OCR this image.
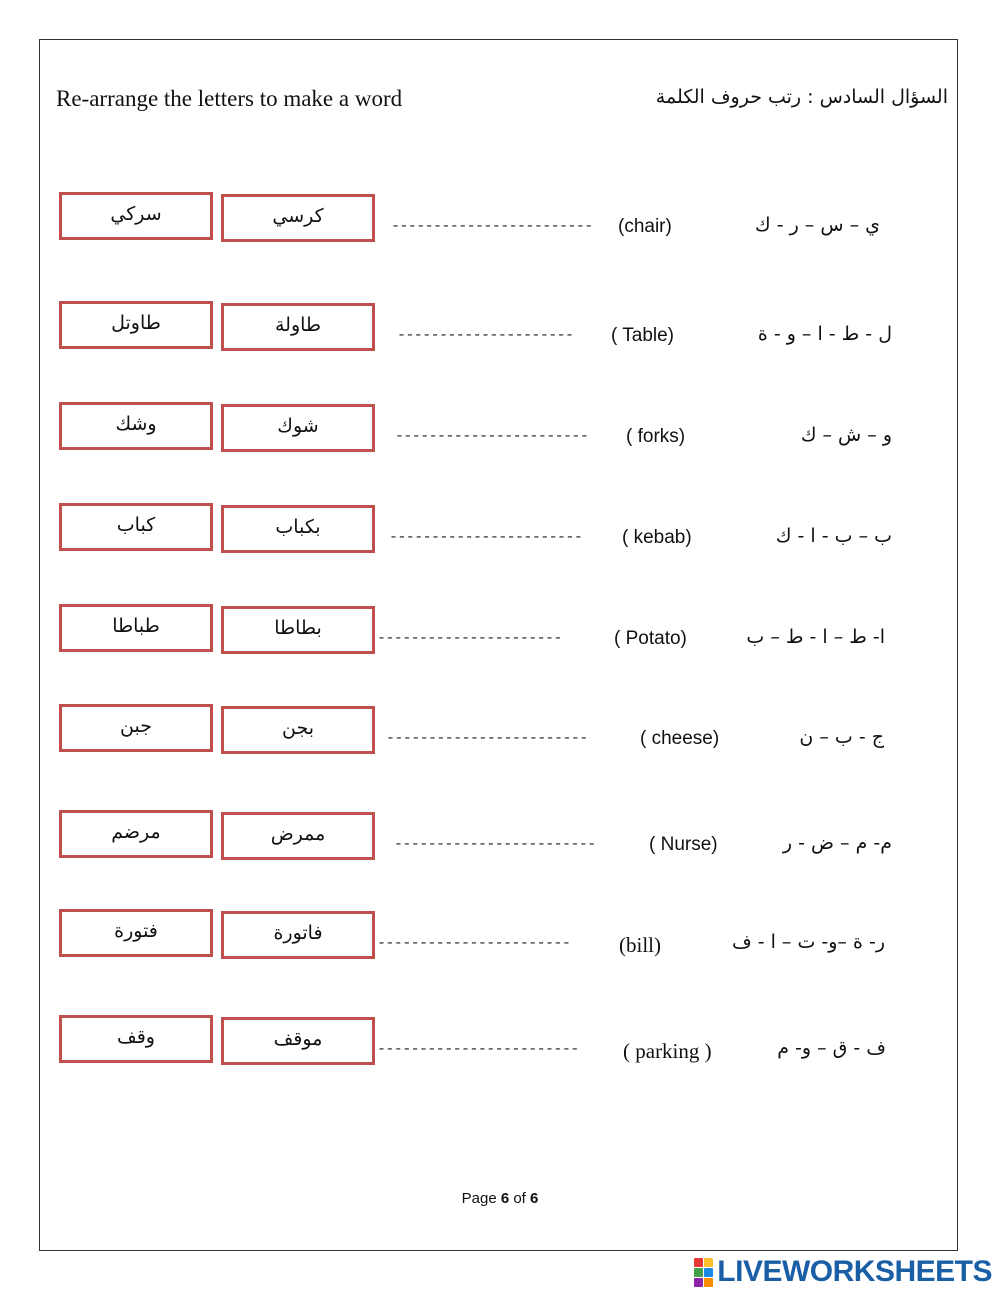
Re-arrange the letters to make a word	السؤال السادس : رتب حروف الكلمة
سركي	كرسي	------------------------ (chair)	ي – س – ر - ك
طاوتل	طاولة	--------------------- ( Table)	ل - ط - ا – و - ة
وشك	شوك	----------------------- ( forks)	و – ش – ك
كباب	بكباب	----------------------- ( kebab)	ب – ب - ا - ك
طباطا	بطاطا	----------------------	( Potato)	ا- ط – ا - ط – ب
جبن	بجن	------------------------	( cheese)	ج - ب – ن
مرضم	ممرض	------------------------	( Nurse)	م- م – ض - ر
فتورة	فاتورة	----------------------- (bill)	ر- ة –و- ت – ا - ف
وقف	موقف	------------------------ ( parking )	ف - ق – و- م
Page 6 of 6
LIVEWORKSHEETS
